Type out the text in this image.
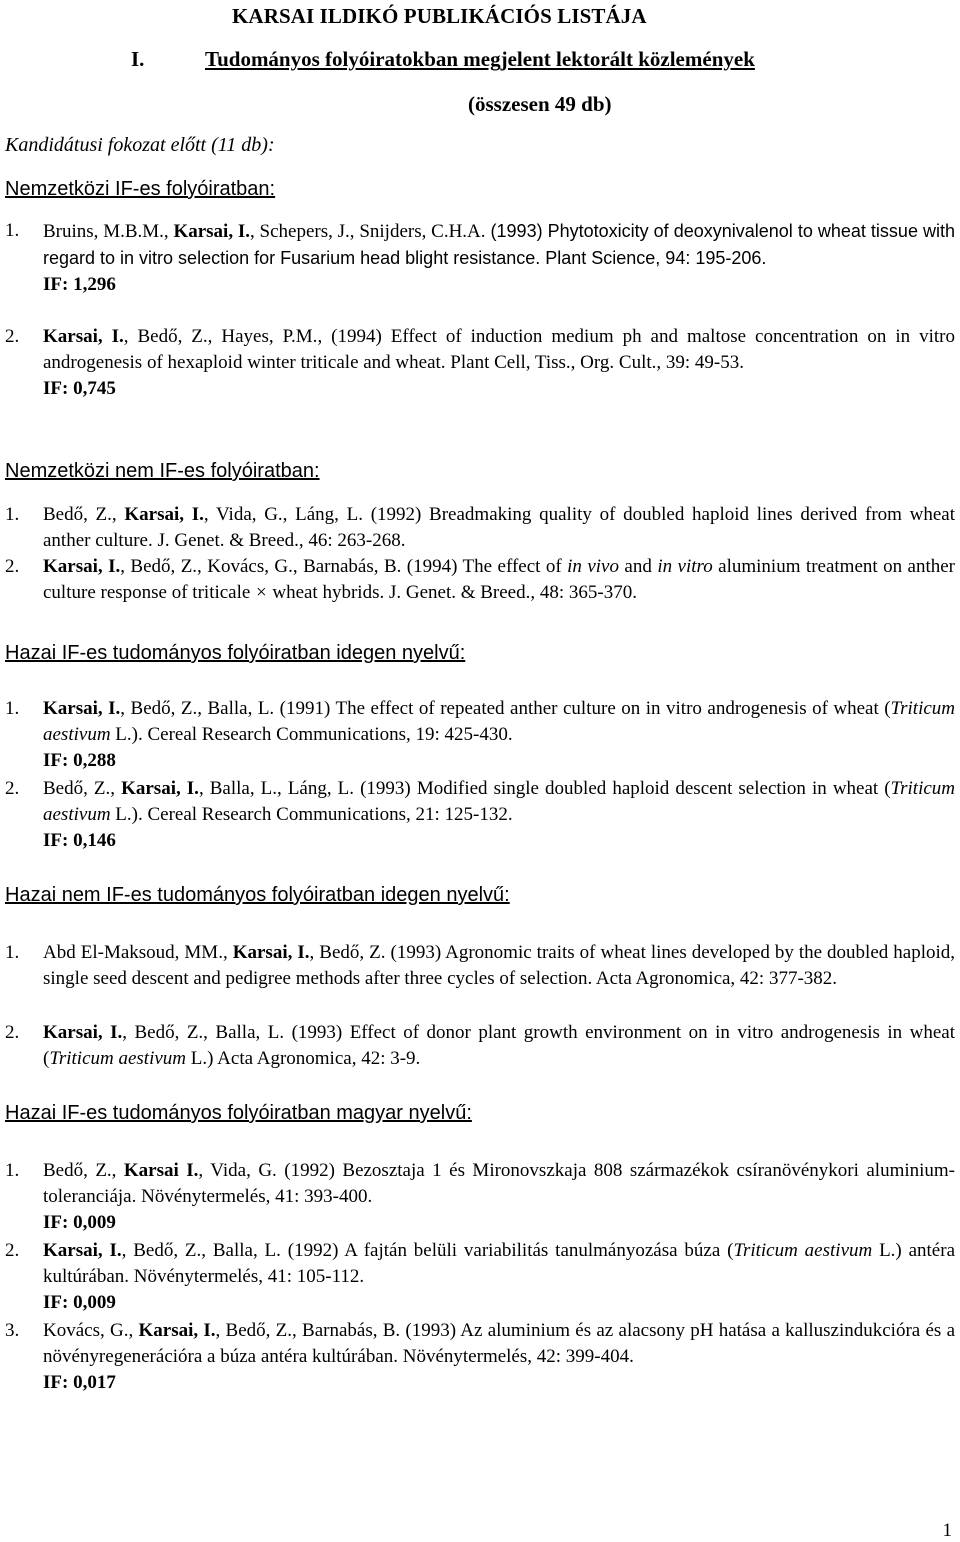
KARSAI ILDIKÓ PUBLIKÁCIÓS LISTÁJA
I.	Tudományos folyóiratokban megjelent lektorált közlemények
(összesen 49 db)
Kandidátusi fokozat előtt (11 db):
Nemzetközi IF-es folyóiratban:
1.	Bruins, M.B.M., Karsai, I., Schepers, J., Snijders, C.H.A. (1993) Phytotoxicity of deoxynivalenol to wheat tissue with regard to in vitro selection for Fusarium head blight resistance. Plant Science, 94: 195-206.
IF: 1,296
2.	Karsai, I., Bedő, Z., Hayes, P.M., (1994) Effect of induction medium ph and maltose concentration on in vitro androgenesis of hexaploid winter triticale and wheat. Plant Cell, Tiss., Org. Cult., 39: 49-53.
IF: 0,745
Nemzetközi nem IF-es folyóiratban:
1.	Bedő, Z., Karsai, I., Vida, G., Láng, L. (1992) Breadmaking quality of doubled haploid lines derived from wheat anther culture. J. Genet. & Breed., 46: 263-268.
2.	Karsai, I., Bedő, Z., Kovács, G., Barnabás, B. (1994) The effect of in vivo and in vitro aluminium treatment on anther culture response of triticale × wheat hybrids. J. Genet. & Breed., 48: 365-370.
Hazai IF-es tudományos folyóiratban idegen nyelvű:
1.	Karsai, I., Bedő, Z., Balla, L. (1991) The effect of repeated anther culture on in vitro androgenesis of wheat (Triticum aestivum L.). Cereal Research Communications, 19: 425-430.
IF: 0,288
2.	Bedő, Z., Karsai, I., Balla, L., Láng, L. (1993) Modified single doubled haploid descent selection in wheat (Triticum aestivum L.). Cereal Research Communications, 21: 125-132.
IF: 0,146
Hazai nem IF-es tudományos folyóiratban idegen nyelvű:
1.	Abd El-Maksoud, MM., Karsai, I., Bedő, Z. (1993) Agronomic traits of wheat lines developed by the doubled haploid, single seed descent and pedigree methods after three cycles of selection. Acta Agronomica, 42: 377-382.
2.	Karsai, I., Bedő, Z., Balla, L. (1993) Effect of donor plant growth environment on in vitro androgenesis in wheat (Triticum aestivum L.) Acta Agronomica, 42: 3-9.
Hazai IF-es tudományos folyóiratban magyar nyelvű:
1.	Bedő, Z., Karsai I., Vida, G. (1992) Bezosztaja 1 és Mironovszkaja 808 származékok csíranövénykori aluminium-toleranciája. Növénytermelés, 41: 393-400.
IF: 0,009
2.	Karsai, I., Bedő, Z., Balla, L. (1992) A fajtán belüli variabilitás tanulmányozása búza (Triticum aestivum L.) antéra kultúrában. Növénytermelés, 41: 105-112.
IF: 0,009
3.	Kovács, G., Karsai, I., Bedő, Z., Barnabás, B. (1993) Az aluminium és az alacsony pH hatása a kalluszindukcióra és a növényregenerációra a búza antéra kultúrában. Növénytermelés, 42: 399-404.
IF: 0,017
1
